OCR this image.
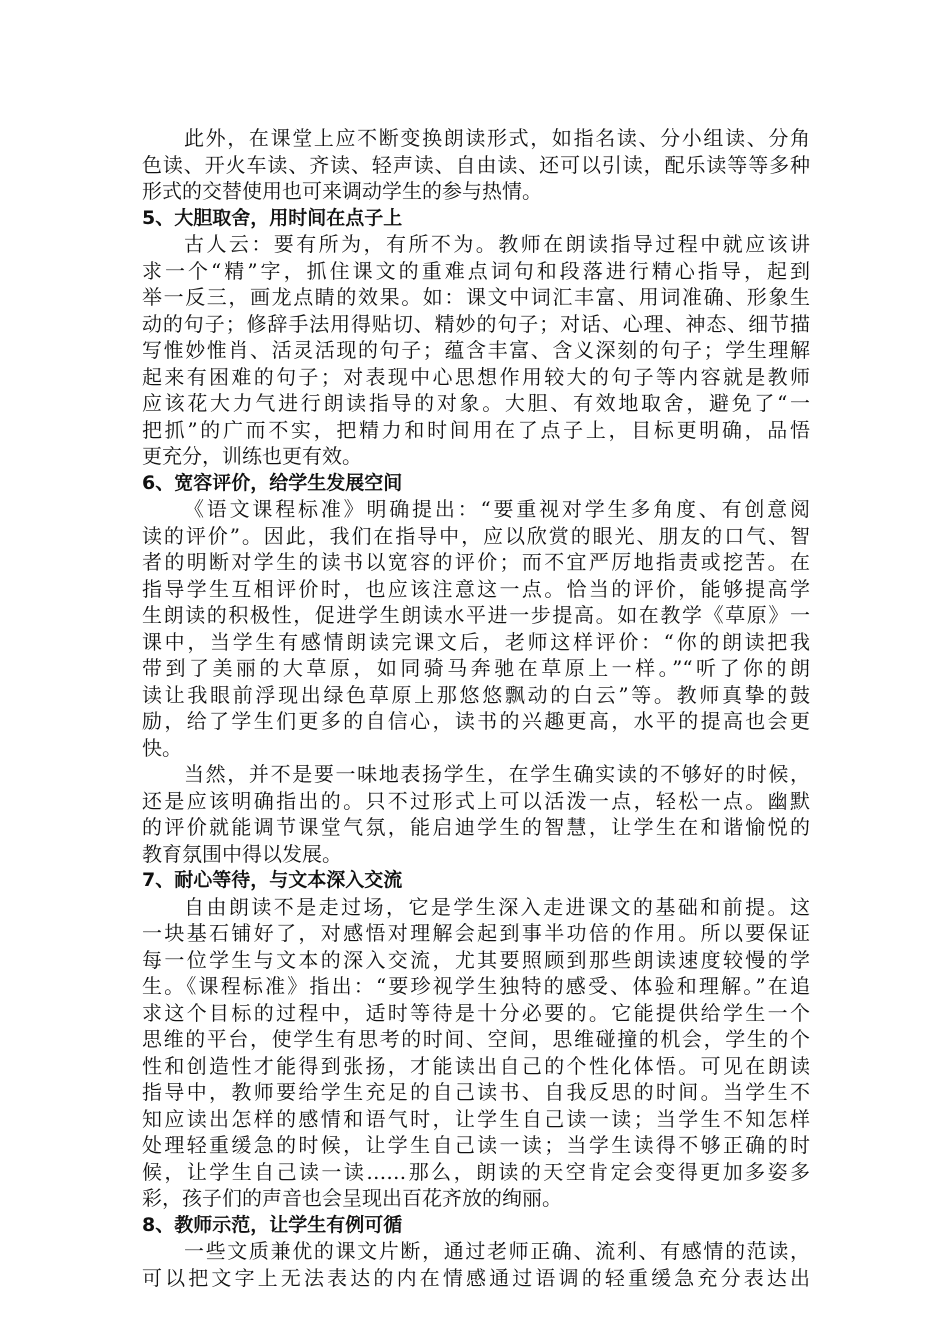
此外，在课堂上应不断变换朗读形式，如指名读、分小组读、分角
色读、开火车读、齐读、轻声读、自由读、还可以引读，配乐读等等多种
形式的交替使用也可来调动学生的参与热情。
5、大胆取舍，用时间在点子上
古人云：要有所为，有所不为。教师在朗读指导过程中就应该讲
求一个“精”字，抓住课文的重难点词句和段落进行精心指导，起到
举一反三，画龙点睛的效果。如：课文中词汇丰富、用词准确、形象生
动的句子；修辞手法用得贴切、精妙的句子；对话、心理、神态、细节描
写惟妙惟肖、活灵活现的句子；蕴含丰富、含义深刻的句子；学生理解
起来有困难的句子；对表现中心思想作用较大的句子等内容就是教师
应该花大力气进行朗读指导的对象。大胆、有效地取舍，避免了“一
把抓”的广而不实，把精力和时间用在了点子上，目标更明确，品悟
更充分，训练也更有效。
6、宽容评价，给学生发展空间
《语文课程标准》明确提出：“要重视对学生多角度、有创意阅
读的评价”。因此，我们在指导中，应以欣赏的眼光、朋友的口气、智
者的明断对学生的读书以宽容的评价；而不宜严厉地指责或挖苦。在
指导学生互相评价时，也应该注意这一点。恰当的评价，能够提高学
生朗读的积极性，促进学生朗读水平进一步提高。如在教学《草原》一
课中，当学生有感情朗读完课文后，老师这样评价：“你的朗读把我
带到了美丽的大草原，如同骑马奔驰在草原上一样。”“听了你的朗
读让我眼前浮现出绿色草原上那悠悠飘动的白云”等。教师真挚的鼓
励，给了学生们更多的自信心，读书的兴趣更高，水平的提高也会更
快。
当然，并不是要一味地表扬学生，在学生确实读的不够好的时候，
还是应该明确指出的。只不过形式上可以活泼一点，轻松一点。幽默
的评价就能调节课堂气氛，能启迪学生的智慧，让学生在和谐愉悦的
教育氛围中得以发展。
7、耐心等待，与文本深入交流
自由朗读不是走过场，它是学生深入走进课文的基础和前提。这
一块基石铺好了，对感悟对理解会起到事半功倍的作用。所以要保证
每一位学生与文本的深入交流，尤其要照顾到那些朗读速度较慢的学
生。《课程标准》指出：“要珍视学生独特的感受、体验和理解。”在追
求这个目标的过程中，适时等待是十分必要的。它能提供给学生一个
思维的平台，使学生有思考的时间、空间，思维碰撞的机会，学生的个
性和创造性才能得到张扬，才能读出自己的个性化体悟。可见在朗读
指导中，教师要给学生充足的自己读书、自我反思的时间。当学生不
知应读出怎样的感情和语气时，让学生自己读一读；当学生不知怎样
处理轻重缓急的时候，让学生自己读一读；当学生读得不够正确的时
候，让学生自己读一读……那么，朗读的天空肯定会变得更加多姿多
彩，孩子们的声音也会呈现出百花齐放的绚丽。
8、教师示范，让学生有例可循
一些文质兼优的课文片断，通过老师正确、流利、有感情的范读，
可以把文字上无法表达的内在情感通过语调的轻重缓急充分表达出
